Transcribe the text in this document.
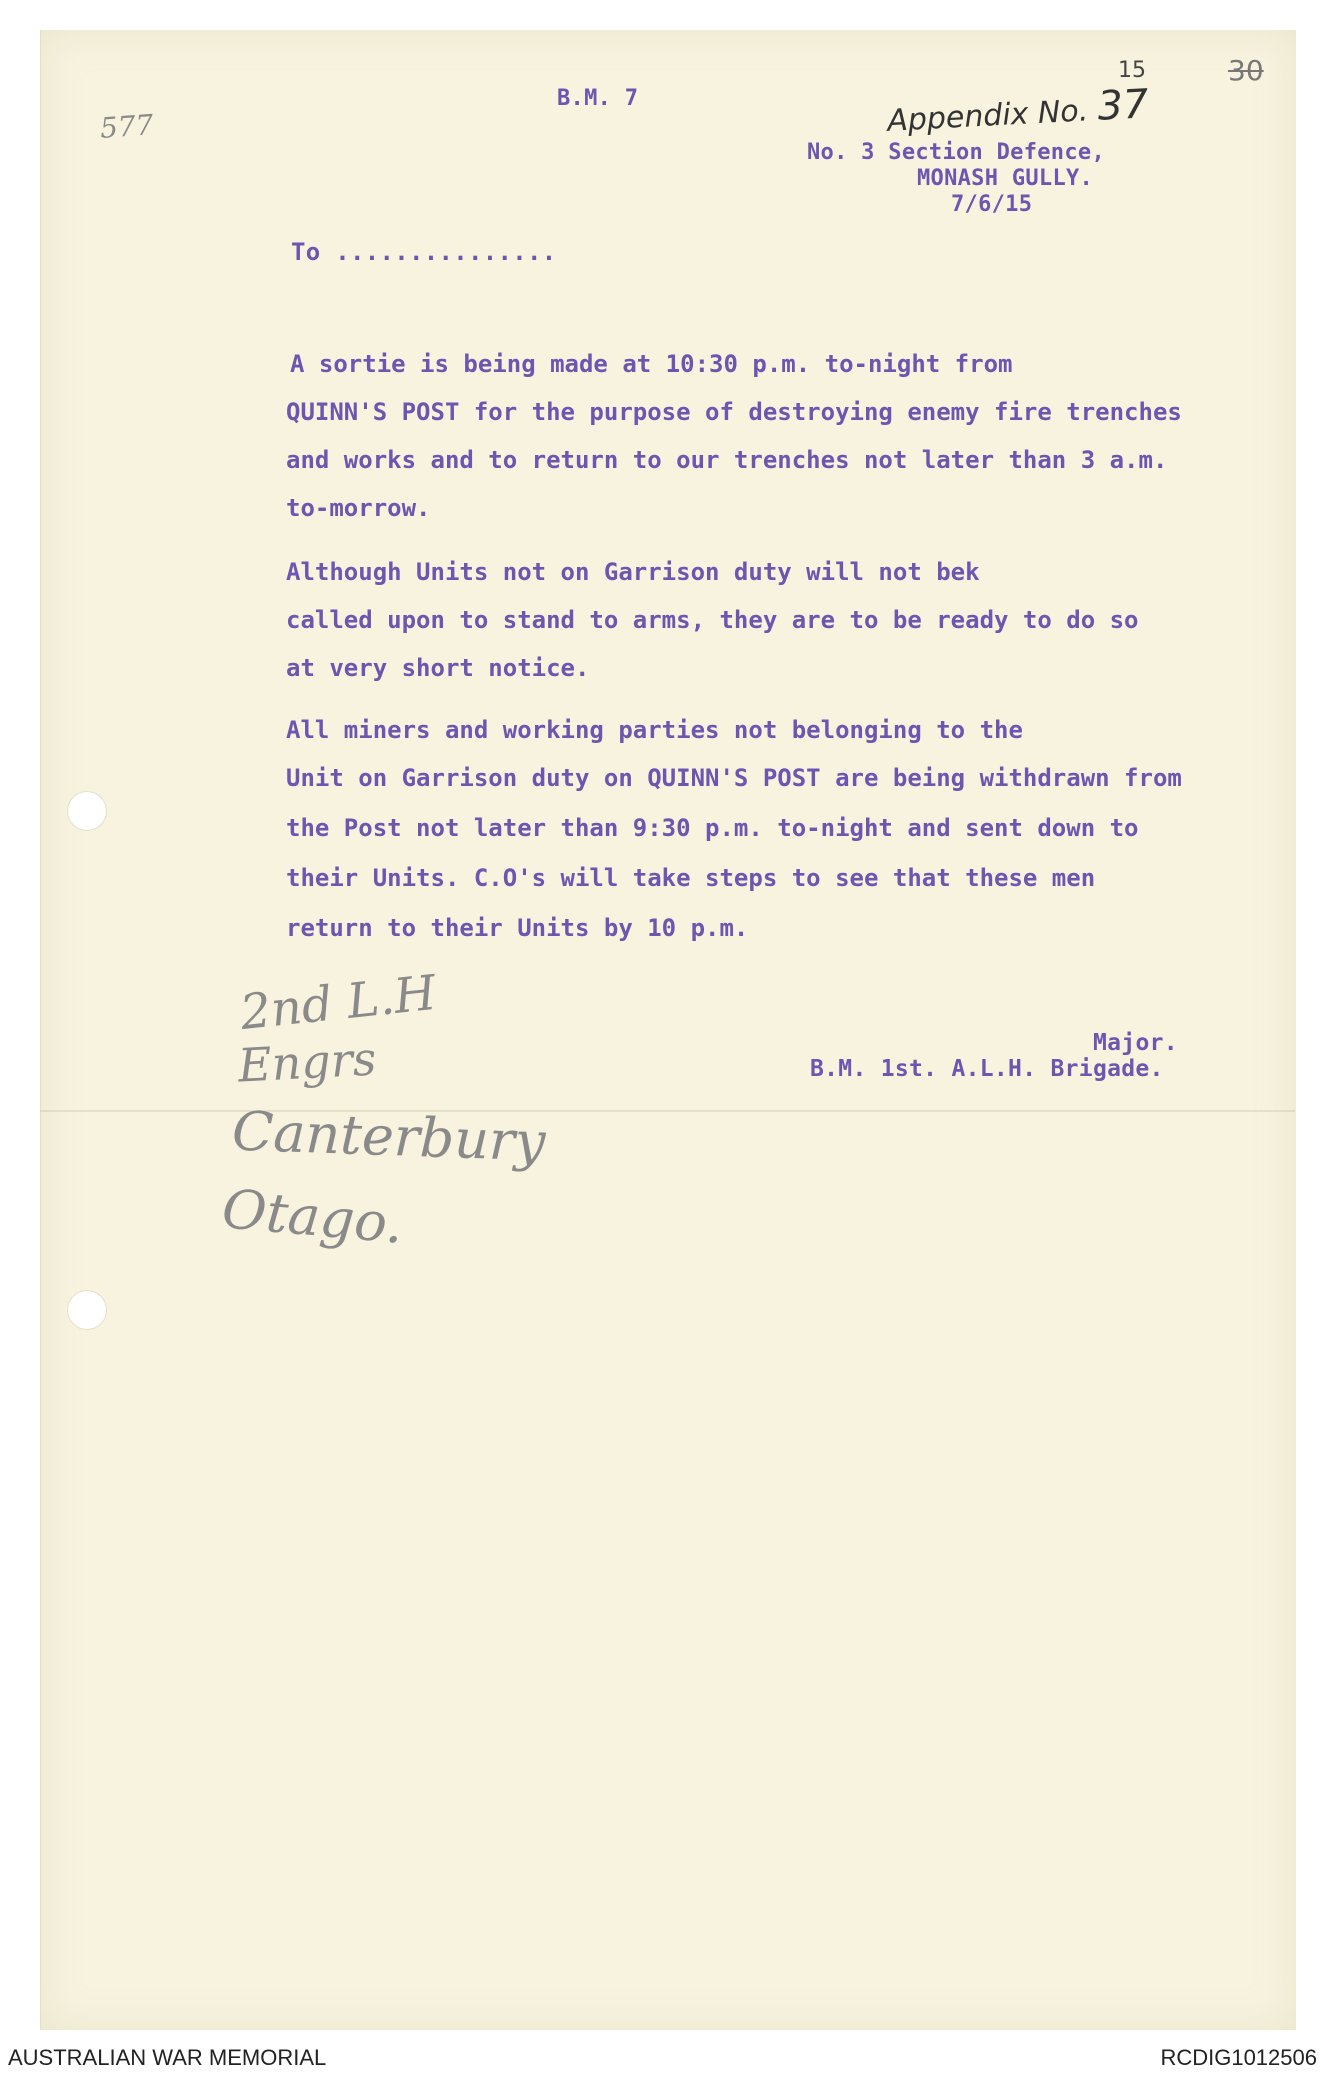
577
B.M. 7	Appendix No. 37
15	30
No. 3 Section Defence,
MONASH GULLY.
7/6/15
To ...............
A sortie is being made at 10:30 p.m. to-night from
QUINN'S POST for the purpose of destroying enemy fire trenches
and works and to return to our trenches not later than 3 a.m.
to-morrow.
Although Units not on Garrison duty will not bek
called upon to stand to arms, they are to be ready to do so
at very short notice.
All miners and working parties not belonging to the
Unit on Garrison duty on QUINN'S POST are being withdrawn from
the Post not later than 9:30 p.m. to-night and sent down to
their Units. C.O's will take steps to see that these men
return to their Units by 10 p.m.
Major.
B.M. 1st. A.L.H. Brigade.
2nd L.H
Engrs
Canterbury
Otago.
AUSTRALIAN WAR MEMORIAL	RCDIG1012506
